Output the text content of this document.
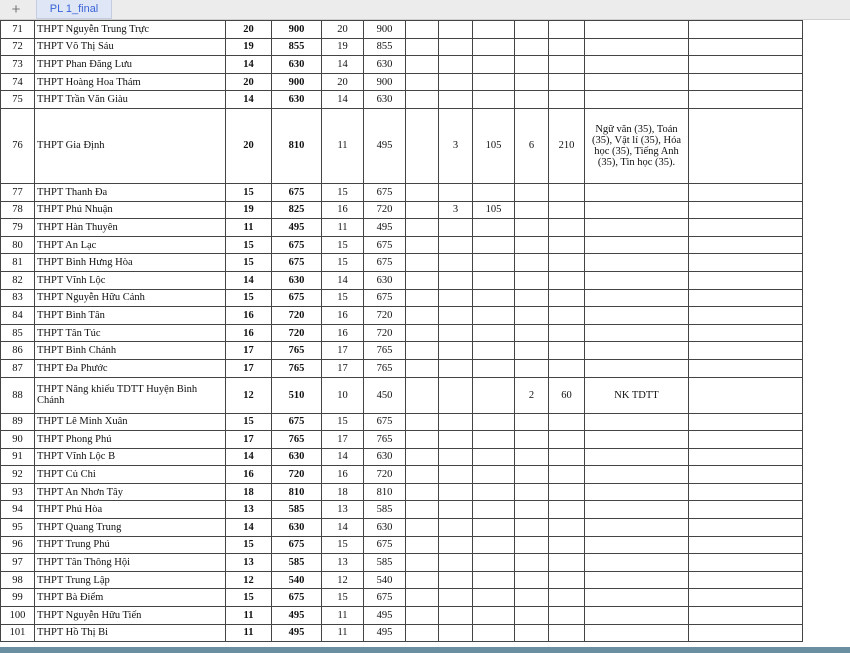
+	PL 1_final
71	THPT Nguyễn Trung Trực	20	900	20	900							
72	THPT Võ Thị Sáu	19	855	19	855							
73	THPT Phan Đăng Lưu	14	630	14	630							
74	THPT Hoàng Hoa Thám	20	900	20	900							
75	THPT Trần Văn Giàu	14	630	14	630							
76	THPT Gia Định	20	810	11	495		3	105	6	210	Ngữ văn (35), Toán (35), Vật lí (35), Hóa học (35), Tiếng Anh (35), Tin học (35).	
77	THPT Thanh Đa	15	675	15	675							
78	THPT Phú Nhuận	19	825	16	720		3	105				
79	THPT Hàn Thuyên	11	495	11	495							
80	THPT An Lạc	15	675	15	675							
81	THPT Bình Hưng Hòa	15	675	15	675							
82	THPT Vĩnh Lộc	14	630	14	630							
83	THPT Nguyễn Hữu Cảnh	15	675	15	675							
84	THPT Bình Tân	16	720	16	720							
85	THPT Tân Túc	16	720	16	720							
86	THPT Bình Chánh	17	765	17	765							
87	THPT Đa Phước	17	765	17	765							
88	THPT Năng khiếu TDTT Huyện Bình Chánh	12	510	10	450				2	60	NK TDTT	
89	THPT Lê Minh Xuân	15	675	15	675							
90	THPT Phong Phú	17	765	17	765							
91	THPT Vĩnh Lộc B	14	630	14	630							
92	THPT Củ Chi	16	720	16	720							
93	THPT An Nhơn Tây	18	810	18	810							
94	THPT Phú Hòa	13	585	13	585							
95	THPT Quang Trung	14	630	14	630							
96	THPT Trung Phú	15	675	15	675							
97	THPT Tân Thông Hội	13	585	13	585							
98	THPT Trung Lập	12	540	12	540							
99	THPT Bà Điểm	15	675	15	675							
100	THPT Nguyễn Hữu Tiến	11	495	11	495							
101	THPT Hồ Thị Bi	11	495	11	495							
